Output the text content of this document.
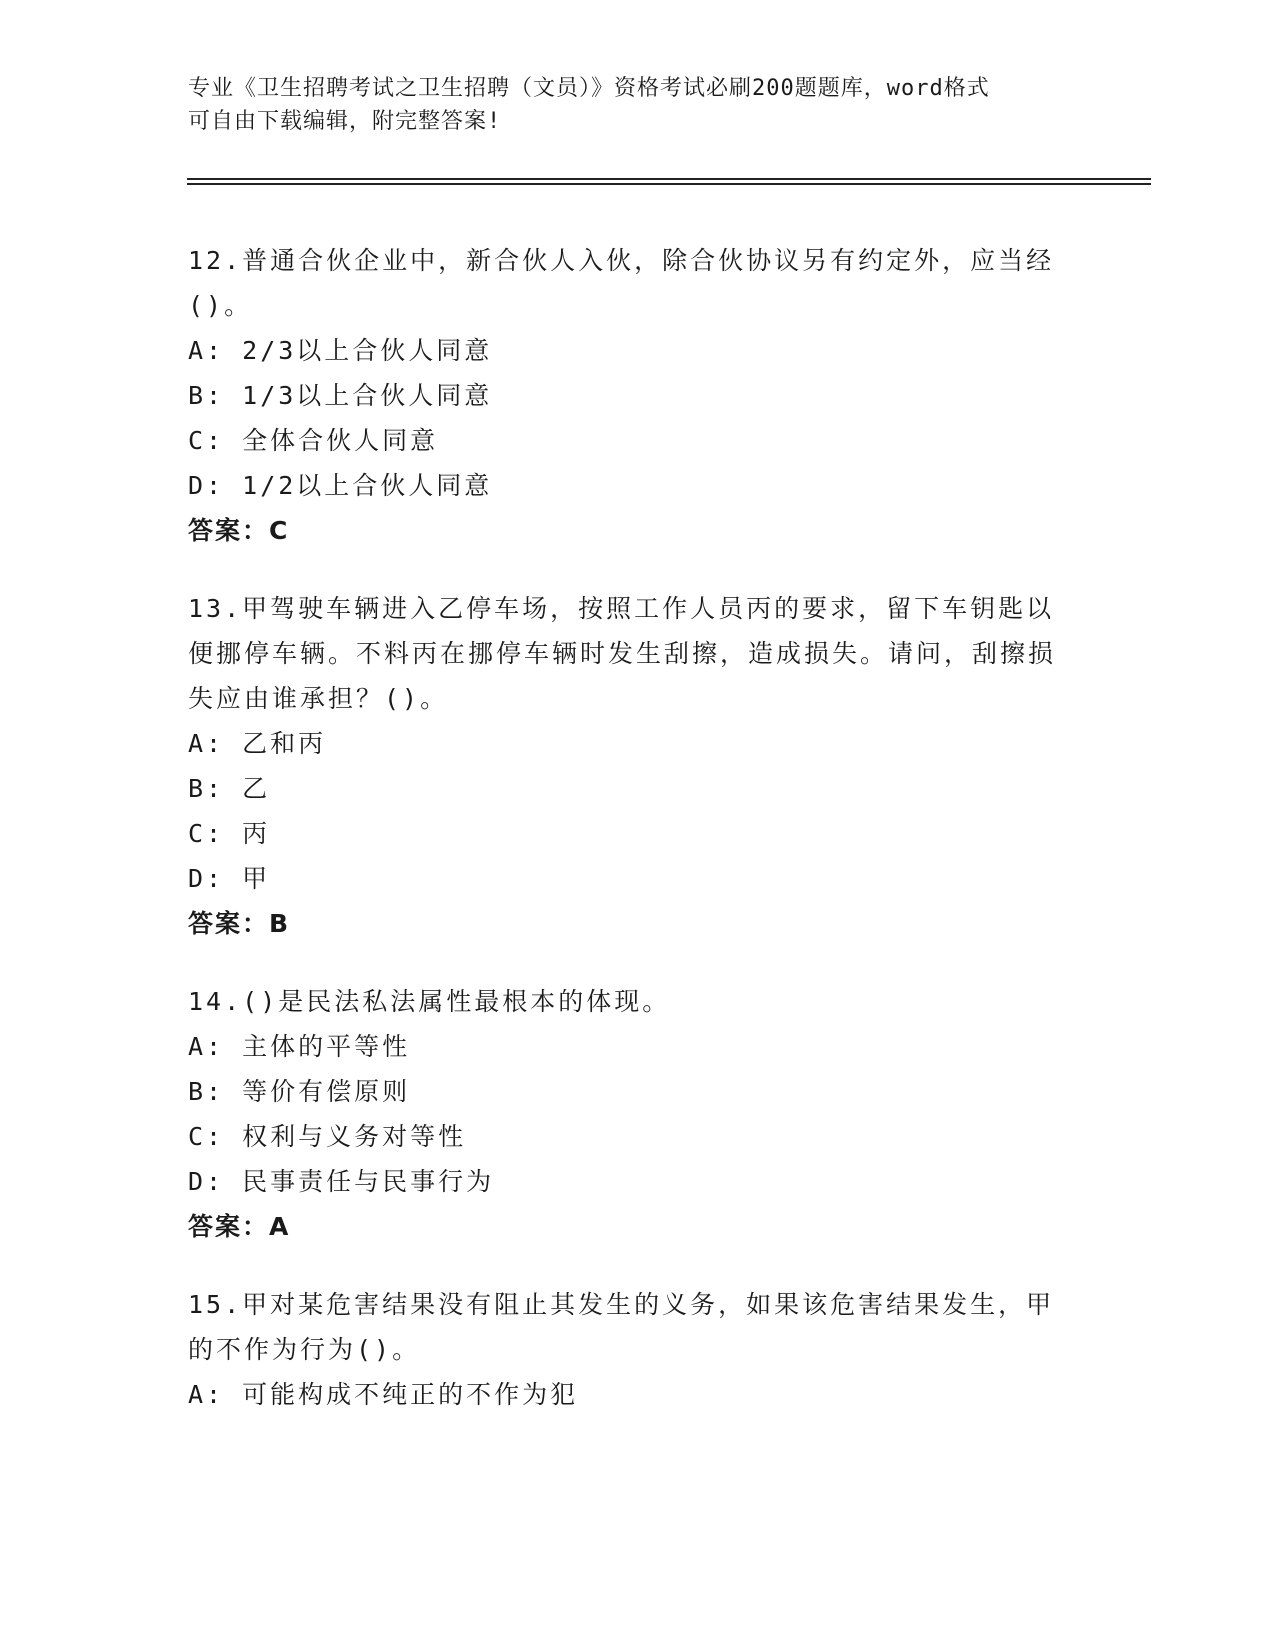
专业《卫生招聘考试之卫生招聘（文员）》资格考试必刷200题题库，word格式
可自由下载编辑，附完整答案!
12.普通合伙企业中，新合伙人入伙，除合伙协议另有约定外，应当经()。
A: 2/3以上合伙人同意
B: 1/3以上合伙人同意
C: 全体合伙人同意
D: 1/2以上合伙人同意
答案：C
13.甲驾驶车辆进入乙停车场，按照工作人员丙的要求，留下车钥匙以便挪停车辆。不料丙在挪停车辆时发生刮擦，造成损失。请问，刮擦损失应由谁承担？()。
A: 乙和丙
B: 乙
C: 丙
D: 甲
答案：B
14.()是民法私法属性最根本的体现。
A: 主体的平等性
B: 等价有偿原则
C: 权利与义务对等性
D: 民事责任与民事行为
答案：A
15.甲对某危害结果没有阻止其发生的义务，如果该危害结果发生，甲的不作为行为()。
A: 可能构成不纯正的不作为犯
